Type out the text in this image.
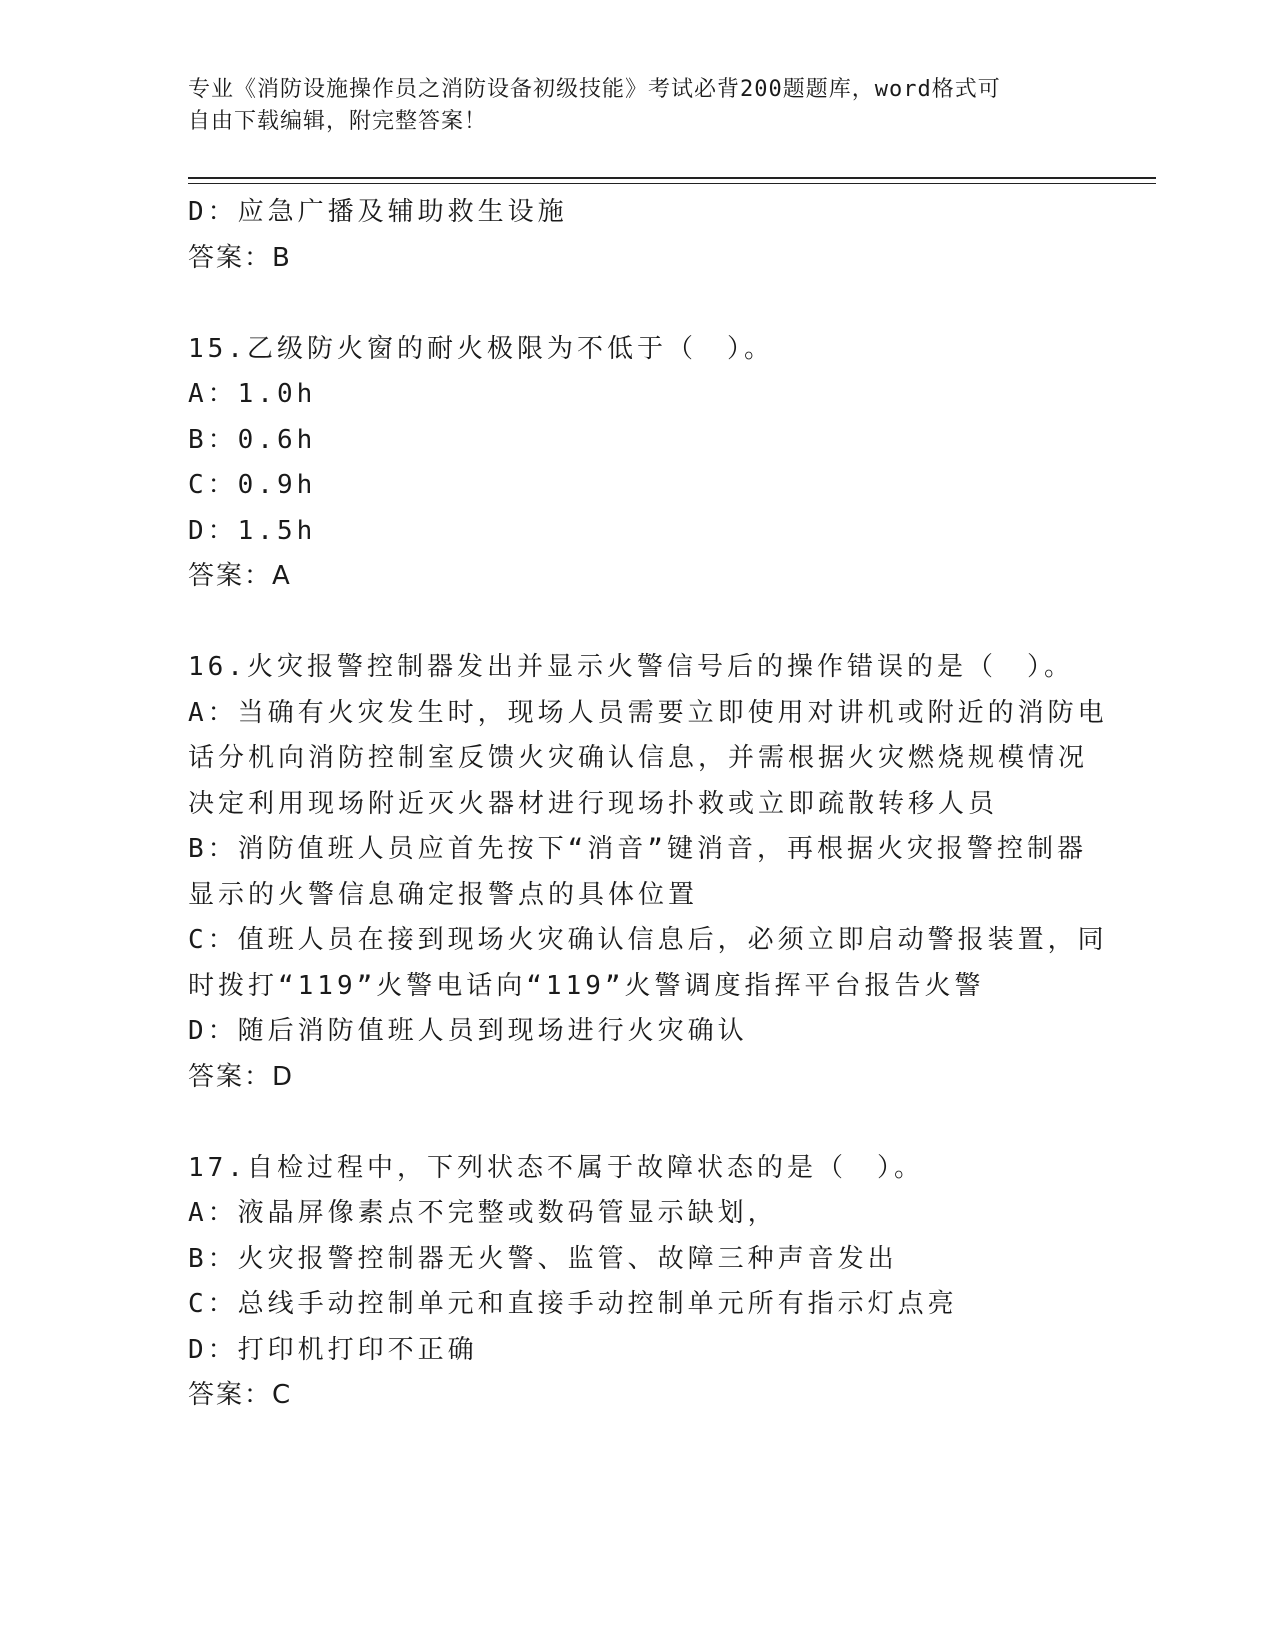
专业《消防设施操作员之消防设备初级技能》考试必背200题题库，word格式可
自由下载编辑，附完整答案！
D：应急广播及辅助救生设施
答案：B
15.乙级防火窗的耐火极限为不低于（　）。
A：1.0h
B：0.6h
C：0.9h
D：1.5h
答案：A
16.火灾报警控制器发出并显示火警信号后的操作错误的是（　）。
A：当确有火灾发生时，现场人员需要立即使用对讲机或附近的消防电
话分机向消防控制室反馈火灾确认信息，并需根据火灾燃烧规模情况
决定利用现场附近灭火器材进行现场扑救或立即疏散转移人员
B：消防值班人员应首先按下“消音”键消音，再根据火灾报警控制器
显示的火警信息确定报警点的具体位置
C：值班人员在接到现场火灾确认信息后，必须立即启动警报装置，同
时拨打“119”火警电话向“119”火警调度指挥平台报告火警
D：随后消防值班人员到现场进行火灾确认
答案：D
17.自检过程中，下列状态不属于故障状态的是（　）。
A：液晶屏像素点不完整或数码管显示缺划，
B：火灾报警控制器无火警、监管、故障三种声音发出
C：总线手动控制单元和直接手动控制单元所有指示灯点亮
D：打印机打印不正确
答案：C
